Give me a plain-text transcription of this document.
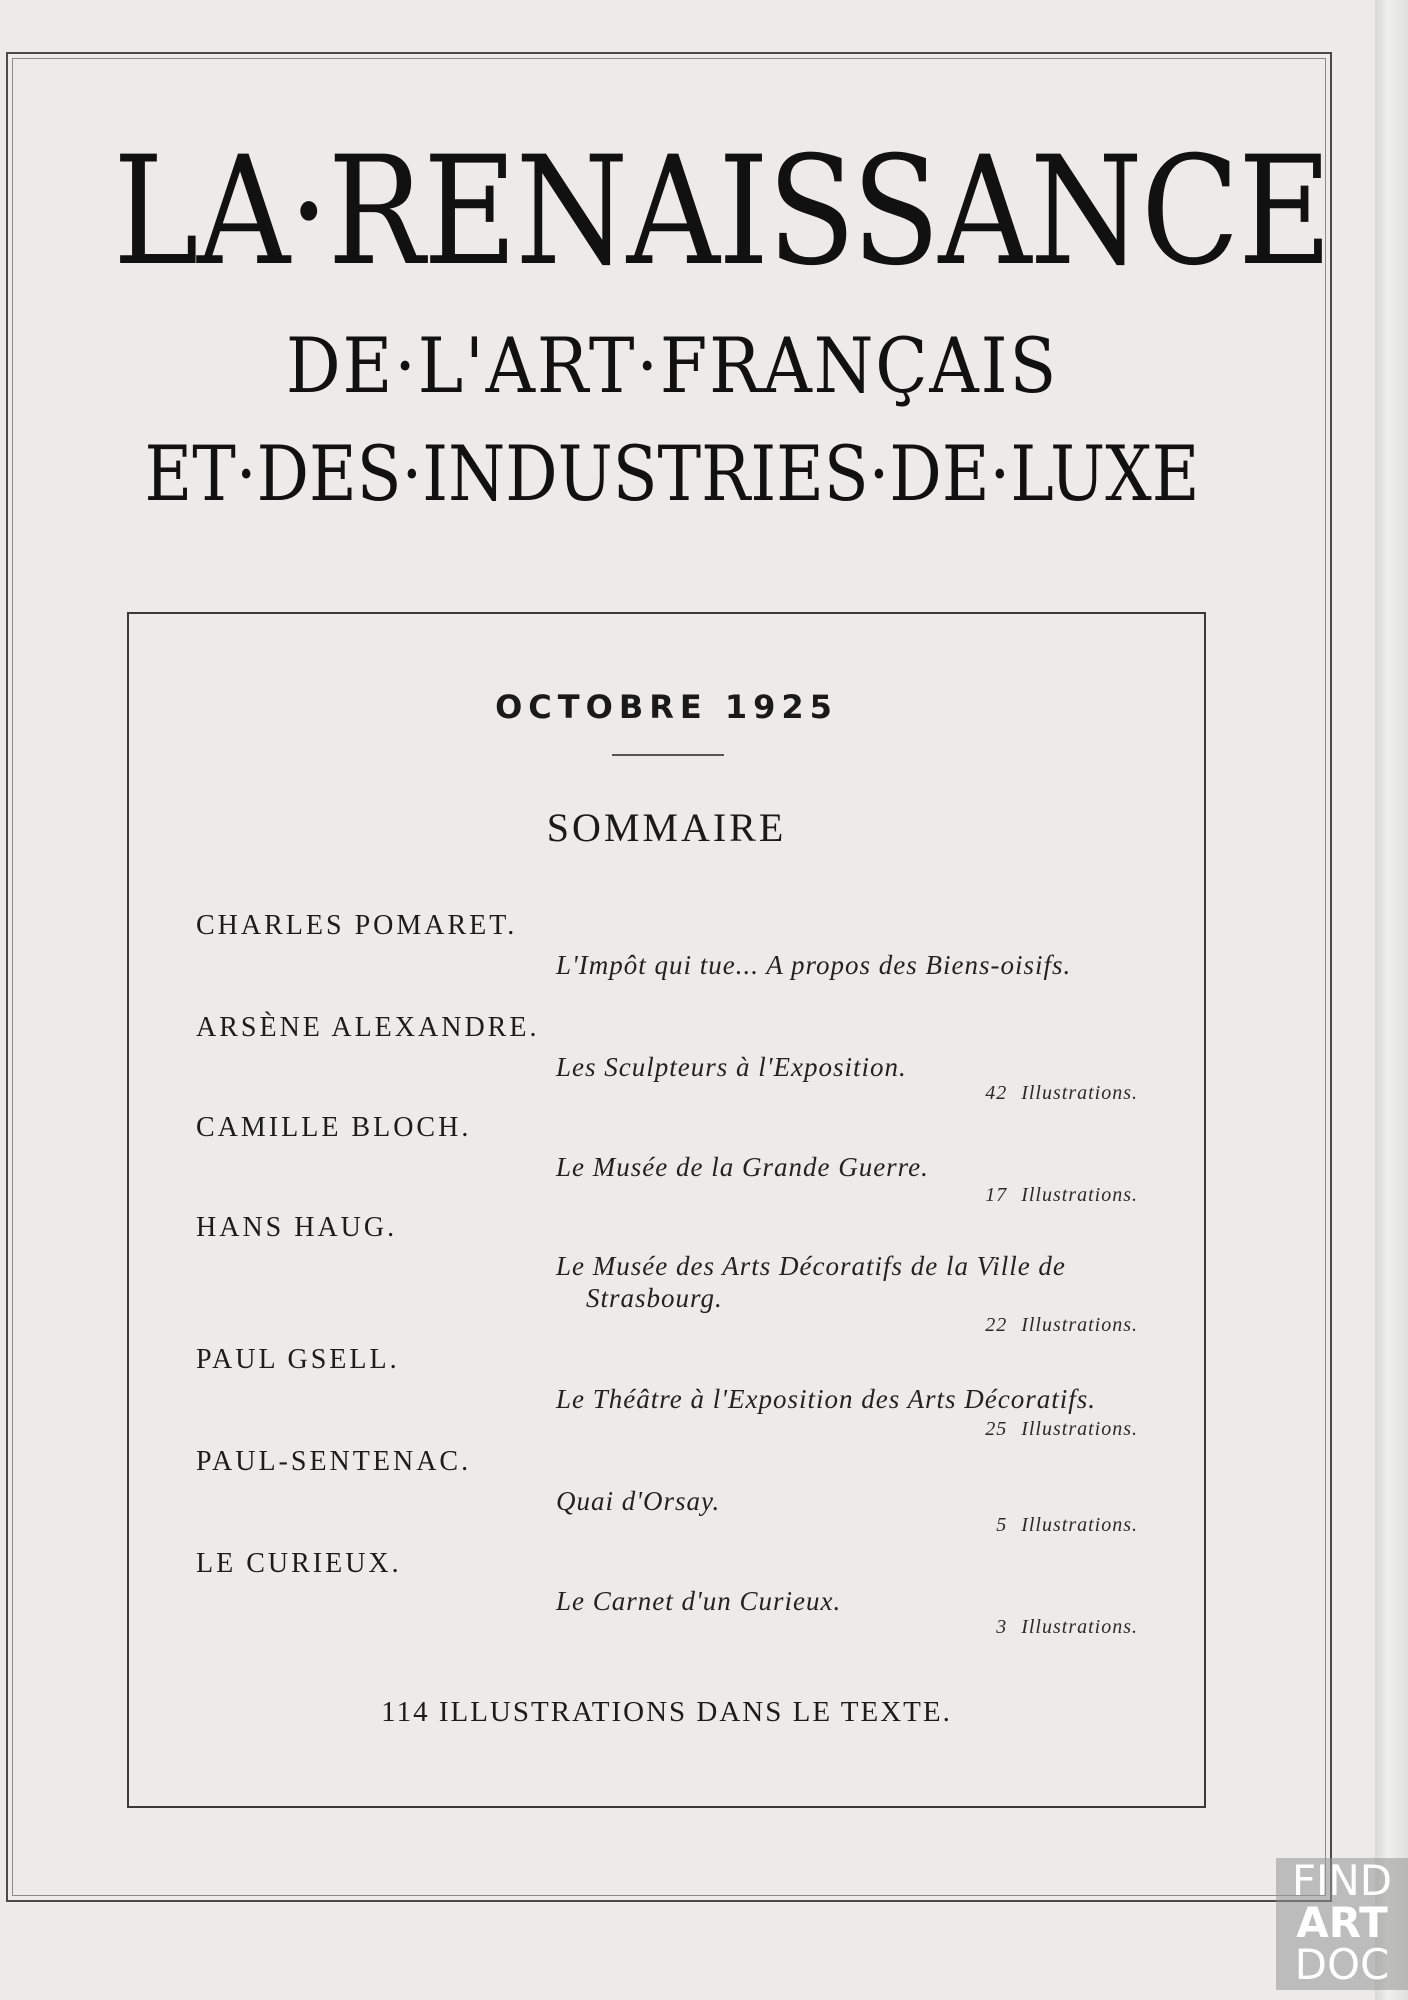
LA·RENAISSANCE
DE·L'ART·FRANÇAIS
ET·DES·INDUSTRIES·DE·LUXE
OCTOBRE 1925
SOMMAIRE
CHARLES POMARET.
L'Impôt qui tue... A propos des Biens-oisifs.
ARSÈNE ALEXANDRE.
Les Sculpteurs à l'Exposition.
42 Illustrations.
CAMILLE BLOCH.
Le Musée de la Grande Guerre.
17 Illustrations.
HANS HAUG.
Le Musée des Arts Décoratifs de la Ville de
Strasbourg.
22 Illustrations.
PAUL GSELL.
Le Théâtre à l'Exposition des Arts Décoratifs.
25 Illustrations.
PAUL-SENTENAC.
Quai d'Orsay.
5 Illustrations.
LE CURIEUX.
Le Carnet d'un Curieux.
3 Illustrations.
114 ILLUSTRATIONS DANS LE TEXTE.
FIND
ART
DOC
